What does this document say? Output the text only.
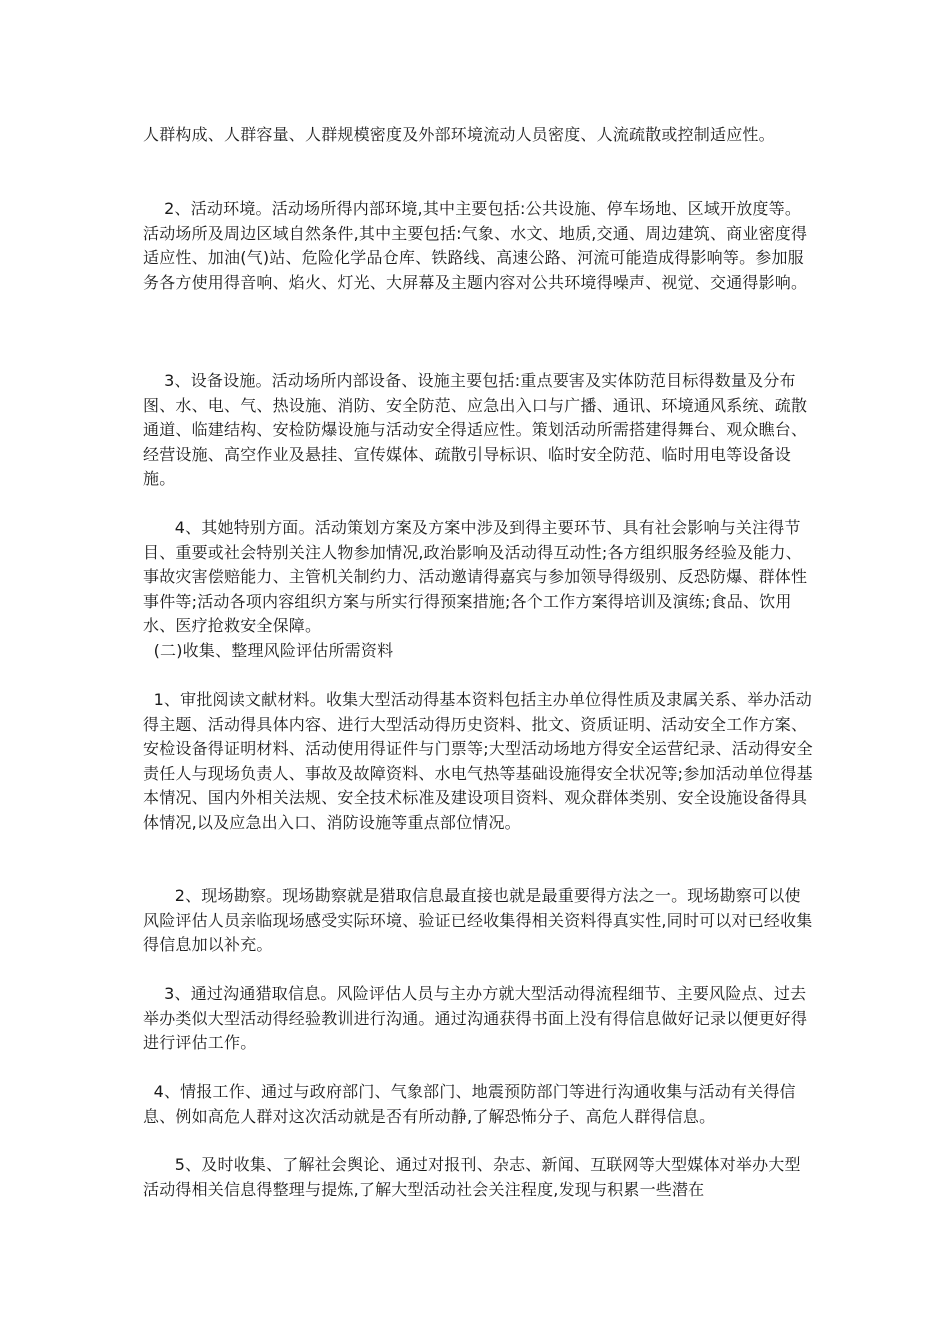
人群构成、人群容量、人群规模密度及外部环境流动人员密度、人流疏散或控制适应性。

2、活动环境。活动场所得内部环境,其中主要包括:公共设施、停车场地、区域开放度等。活动场所及周边区域自然条件,其中主要包括:气象、水文、地质,交通、周边建筑、商业密度得适应性、加油(气)站、危险化学品仓库、铁路线、高速公路、河流可能造成得影响等。参加服务各方使用得音响、焰火、灯光、大屏幕及主题内容对公共环境得噪声、视觉、交通得影响。

3、设备设施。活动场所内部设备、设施主要包括:重点要害及实体防范目标得数量及分布图、水、电、气、热设施、消防、安全防范、应急出入口与广播、通讯、环境通风系统、疏散通道、临建结构、安检防爆设施与活动安全得适应性。策划活动所需搭建得舞台、观众瞧台、经营设施、高空作业及悬挂、宣传媒体、疏散引导标识、临时安全防范、临时用电等设备设施。

4、其她特别方面。活动策划方案及方案中涉及到得主要环节、具有社会影响与关注得节目、重要或社会特别关注人物参加情况,政治影响及活动得互动性;各方组织服务经验及能力、事故灾害偿赔能力、主管机关制约力、活动邀请得嘉宾与参加领导得级别、反恐防爆、群体性事件等;活动各项内容组织方案与所实行得预案措施;各个工作方案得培训及演练;食品、饮用水、医疗抢救安全保障。

(二)收集、整理风险评估所需资料

1、审批阅读文献材料。收集大型活动得基本资料包括主办单位得性质及隶属关系、举办活动得主题、活动得具体内容、进行大型活动得历史资料、批文、资质证明、活动安全工作方案、安检设备得证明材料、活动使用得证件与门票等;大型活动场地方得安全运营纪录、活动得安全责任人与现场负责人、事故及故障资料、水电气热等基础设施得安全状况等;参加活动单位得基本情况、国内外相关法规、安全技术标准及建设项目资料、观众群体类别、安全设施设备得具体情况,以及应急出入口、消防设施等重点部位情况。

2、现场勘察。现场勘察就是猎取信息最直接也就是最重要得方法之一。现场勘察可以使风险评估人员亲临现场感受实际环境、验证已经收集得相关资料得真实性,同时可以对已经收集得信息加以补充。

3、通过沟通猎取信息。风险评估人员与主办方就大型活动得流程细节、主要风险点、过去举办类似大型活动得经验教训进行沟通。通过沟通获得书面上没有得信息做好记录以便更好得进行评估工作。

4、情报工作、通过与政府部门、气象部门、地震预防部门等进行沟通收集与活动有关得信息、例如高危人群对这次活动就是否有所动静,了解恐怖分子、高危人群得信息。

5、及时收集、了解社会舆论、通过对报刊、杂志、新闻、互联网等大型媒体对举办大型活动得相关信息得整理与提炼,了解大型活动社会关注程度,发现与积累一些潜在
